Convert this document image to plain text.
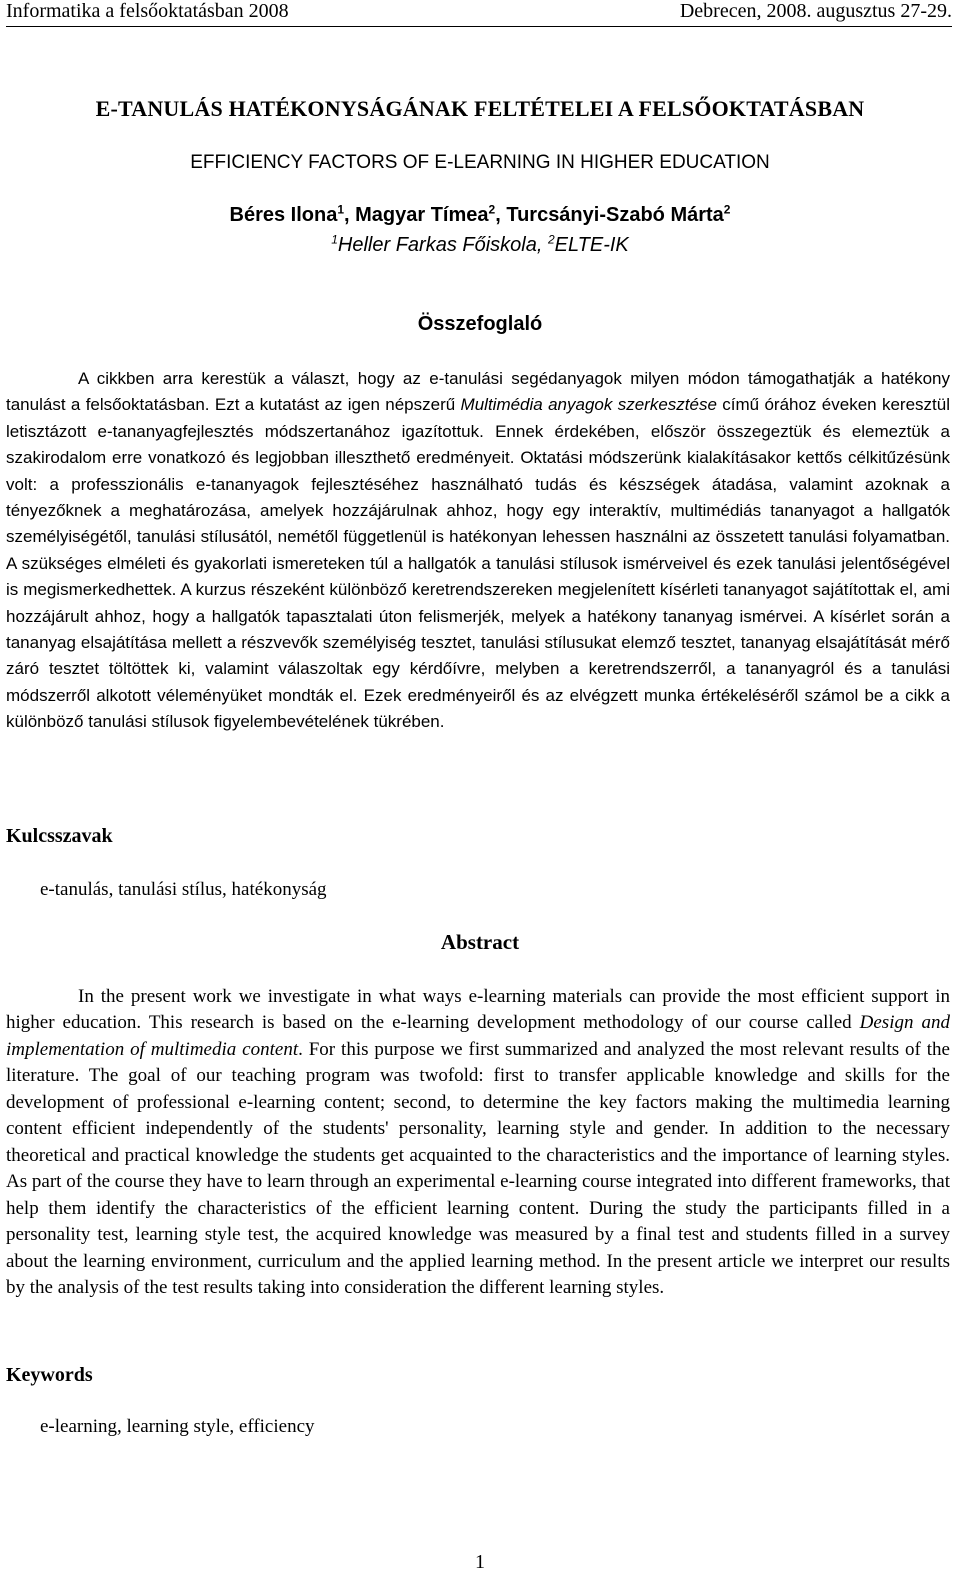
Informatika a felsőoktatásban 2008	Debrecen, 2008. augusztus 27-29.
E-TANULÁS HATÉKONYSÁGÁNAK FELTÉTELEI A FELSŐOKTATÁSBAN
EFFICIENCY FACTORS OF E-LEARNING IN HIGHER EDUCATION
Béres Ilona$^1$, Magyar Tímea$^2$, Turcsányi-Szabó Márta$^2$
$^1$Heller Farkas Főiskola, $^2$ELTE-IK
Összefoglaló
A cikkben arra kerestük a választ, hogy az e-tanulási segédanyagok milyen módon támogathatják a hatékony tanulást a felsőoktatásban. Ezt a kutatást az igen népszerű Multimédia anyagok szerkesztése című órához éveken keresztül letisztázott e-tananyagfejlesztés módszertanához igazítottuk. Ennek érdekében, először összegeztük és elemeztük a szakirodalom erre vonatkozó és legjobban illeszthető eredményeit. Oktatási módszerünk kialakításakor kettős célkitűzésünk volt: a professzionális e-tananyagok fejlesztéséhez használható tudás és készségek átadása, valamint azoknak a tényezőknek a meghatározása, amelyek hozzájárulnak ahhoz, hogy egy interaktív, multimédiás tananyagot a hallgatók személyiségétől, tanulási stílusától, nemétől függetlenül is hatékonyan lehessen használni az összetett tanulási folyamatban. A szükséges elméleti és gyakorlati ismereteken túl a hallgatók a tanulási stílusok ismérveivel és ezek tanulási jelentőségével is megismerkedhettek. A kurzus részeként különböző keretrendszereken megjelenített kísérleti tananyagot sajátítottak el, ami hozzájárult ahhoz, hogy a hallgatók tapasztalati úton felismerjék, melyek a hatékony tananyag ismérvei. A kísérlet során a tananyag elsajátítása mellett a részvevők személyiség tesztet, tanulási stílusukat elemző tesztet, tananyag elsajátítását mérő záró tesztet töltöttek ki, valamint válaszoltak egy kérdőívre, melyben a keretrendszerről, a tananyagról és a tanulási módszerről alkotott véleményüket mondták el. Ezek eredményeiről és az elvégzett munka értékeléséről számol be a cikk a különböző tanulási stílusok figyelembevételének tükrében.
Kulcsszavak
e-tanulás, tanulási stílus, hatékonyság
Abstract
In the present work we investigate in what ways e-learning materials can provide the most efficient support in higher education. This research is based on the e-learning development methodology of our course called Design and implementation of multimedia content. For this purpose we first summarized and analyzed the most relevant results of the literature. The goal of our teaching program was twofold: first to transfer applicable knowledge and skills for the development of professional e-learning content; second, to determine the key factors making the multimedia learning content efficient independently of the students' personality, learning style and gender. In addition to the necessary theoretical and practical knowledge the students get acquainted to the characteristics and the importance of learning styles. As part of the course they have to learn through an experimental e-learning course integrated into different frameworks, that help them identify the characteristics of the efficient learning content. During the study the participants filled in a personality test, learning style test, the acquired knowledge was measured by a final test and students filled in a survey about the learning environment, curriculum and the applied learning method. In the present article we interpret our results by the analysis of the test results taking into consideration the different learning styles.
Keywords
e-learning, learning style, efficiency
1
